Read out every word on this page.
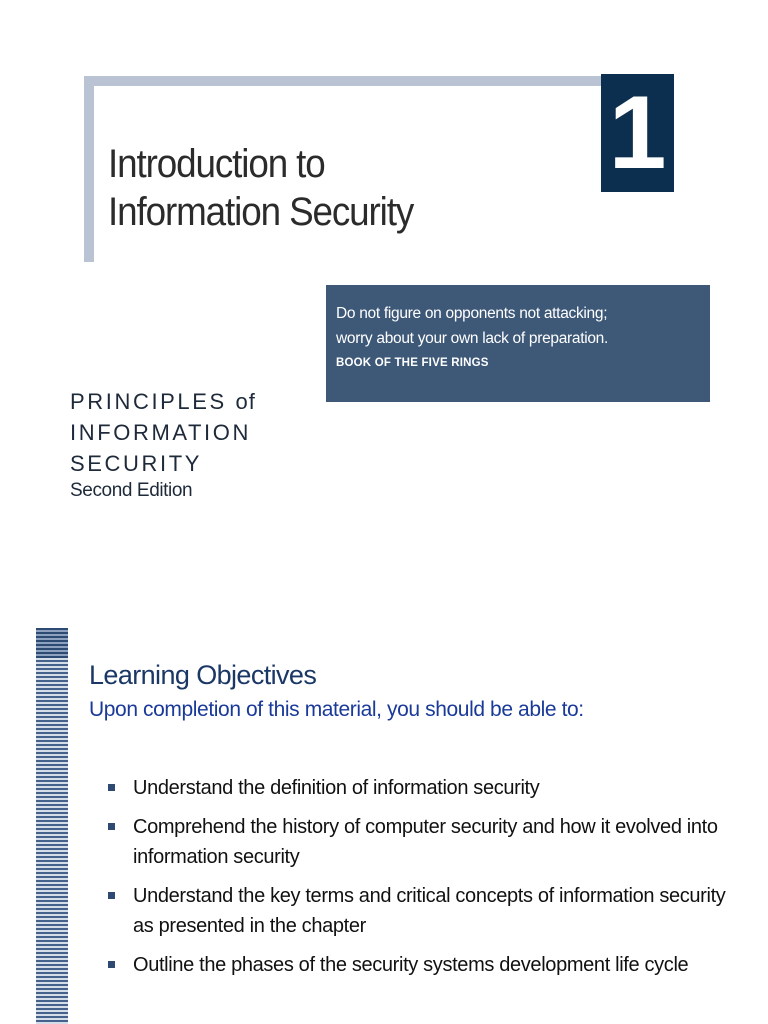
1
Introduction to
Information Security
Do not figure on opponents not attacking;
worry about your own lack of preparation.
BOOK OF THE FIVE RINGS
PRINCIPLES of
INFORMATION
SECURITY
Second Edition
Learning Objectives
Upon completion of this material, you should be able to:
Understand the definition of information security
Comprehend the history of computer security and how it evolved into information security
Understand the key terms and critical concepts of information security as presented in the chapter
Outline the phases of the security systems development life cycle
